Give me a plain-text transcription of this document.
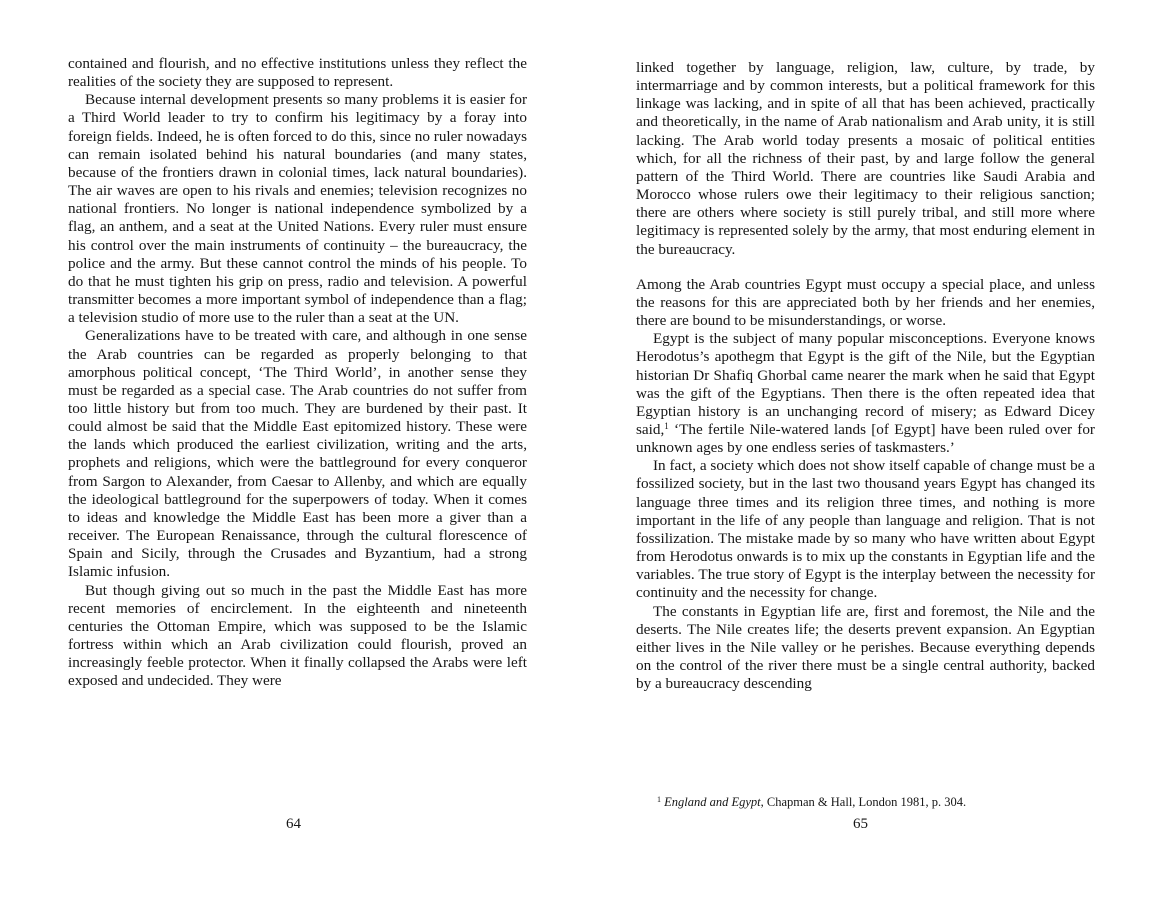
contained and flourish, and no effective institutions unless they reflect the realities of the society they are supposed to represent.

Because internal development presents so many problems it is easier for a Third World leader to try to confirm his legitimacy by a foray into foreign fields. Indeed, he is often forced to do this, since no ruler nowadays can remain isolated behind his natural boundaries (and many states, because of the frontiers drawn in colonial times, lack natural boundaries). The air waves are open to his rivals and enemies; television recognizes no national frontiers. No longer is national independence symbolized by a flag, an anthem, and a seat at the United Nations. Every ruler must ensure his control over the main instruments of continuity – the bureaucracy, the police and the army. But these cannot control the minds of his people. To do that he must tighten his grip on press, radio and television. A powerful transmitter becomes a more important symbol of independence than a flag; a television studio of more use to the ruler than a seat at the UN.

Generalizations have to be treated with care, and although in one sense the Arab countries can be regarded as properly belonging to that amorphous political concept, ‘The Third World’, in another sense they must be regarded as a special case. The Arab countries do not suffer from too little history but from too much. They are burdened by their past. It could almost be said that the Middle East epitomized history. These were the lands which produced the earliest civilization, writing and the arts, prophets and religions, which were the battleground for every conqueror from Sargon to Alexander, from Caesar to Allenby, and which are equally the ideological battleground for the superpowers of today. When it comes to ideas and knowledge the Middle East has been more a giver than a receiver. The European Renaissance, through the cultural florescence of Spain and Sicily, through the Crusades and Byzantium, had a strong Islamic infusion.

But though giving out so much in the past the Middle East has more recent memories of encirclement. In the eighteenth and nineteenth centuries the Ottoman Empire, which was supposed to be the Islamic fortress within which an Arab civilization could flourish, proved an increasingly feeble protector. When it finally collapsed the Arabs were left exposed and undecided. They were

64

linked together by language, religion, law, culture, by trade, by intermarriage and by common interests, but a political framework for this linkage was lacking, and in spite of all that has been achieved, practically and theoretically, in the name of Arab nationalism and Arab unity, it is still lacking. The Arab world today presents a mosaic of political entities which, for all the richness of their past, by and large follow the general pattern of the Third World. There are countries like Saudi Arabia and Morocco whose rulers owe their legitimacy to their religious sanction; there are others where society is still purely tribal, and still more where legitimacy is represented solely by the army, that most enduring element in the bureaucracy.

Among the Arab countries Egypt must occupy a special place, and unless the reasons for this are appreciated both by her friends and her enemies, there are bound to be misunderstandings, or worse.

Egypt is the subject of many popular misconceptions. Everyone knows Herodotus’s apothegm that Egypt is the gift of the Nile, but the Egyptian historian Dr Shafiq Ghorbal came nearer the mark when he said that Egypt was the gift of the Egyptians. Then there is the often repeated idea that Egyptian history is an unchanging record of misery; as Edward Dicey said,$^1$ ‘The fertile Nile-watered lands [of Egypt] have been ruled over for unknown ages by one endless series of taskmasters.’

In fact, a society which does not show itself capable of change must be a fossilized society, but in the last two thousand years Egypt has changed its language three times and its religion three times, and nothing is more important in the life of any people than language and religion. That is not fossilization. The mistake made by so many who have written about Egypt from Herodotus onwards is to mix up the constants in Egyptian life and the variables. The true story of Egypt is the interplay between the necessity for continuity and the necessity for change.

The constants in Egyptian life are, first and foremost, the Nile and the deserts. The Nile creates life; the deserts prevent expansion. An Egyptian either lives in the Nile valley or he perishes. Because everything depends on the control of the river there must be a single central authority, backed by a bureaucracy descending

$^1$ England and Egypt, Chapman & Hall, London 1981, p. 304.
65
